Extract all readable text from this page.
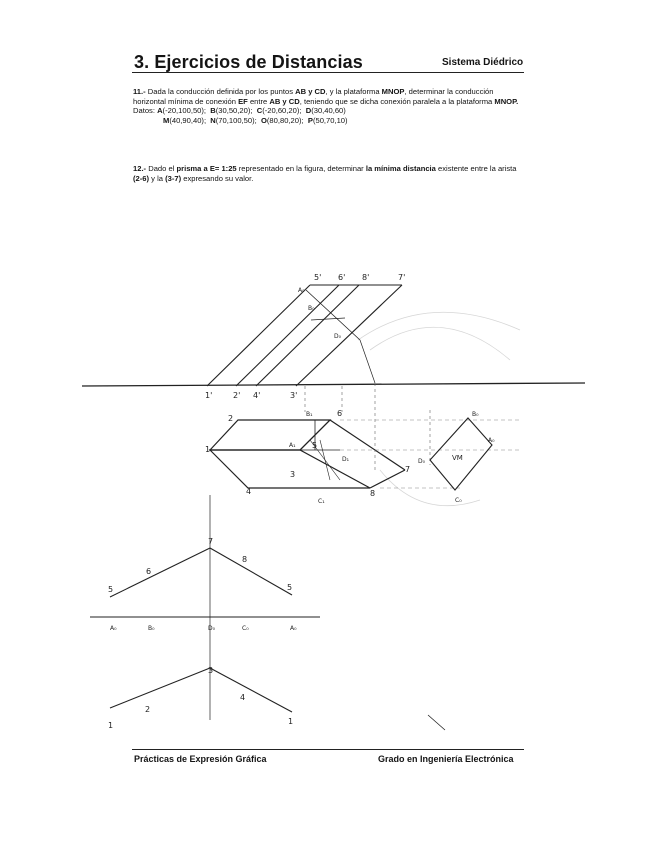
3. Ejercicios de Distancias	Sistema Diédrico

11.- Dada la conducción definida por los puntos AB y CD, y la plataforma MNOP, determinar la conducción horizontal mínima de conexión EF entre AB y CD, teniendo que se dicha conexión paralela a la plataforma MNOP.

Datos: A(-20,100,50); B(30,50,20); C(-20,60,20); D(30,40,60)

M(40,90,40); N(70,100,50); O(80,80,20); P(50,70,10)

12.- Dado el prisma a E= 1:25 representado en la figura, determinar la mínima distancia existente entre la arista (2-6) y la (3-7) expresando su valor.

5' 6' 8'	7'
A₀
B₀
D₀
1'	2' 4'	3'
2
1
4
3
5
6
7
8
B₁
A₁
D₁
C₁
B₀
A₀
D₀
C₀
VM
7
8
6
5	5
A₀	B₀	D₀	C₀	A₀
3
2
4
1	1
Prácticas de Expresión Gráfica	Grado en Ingeniería Electrónica
